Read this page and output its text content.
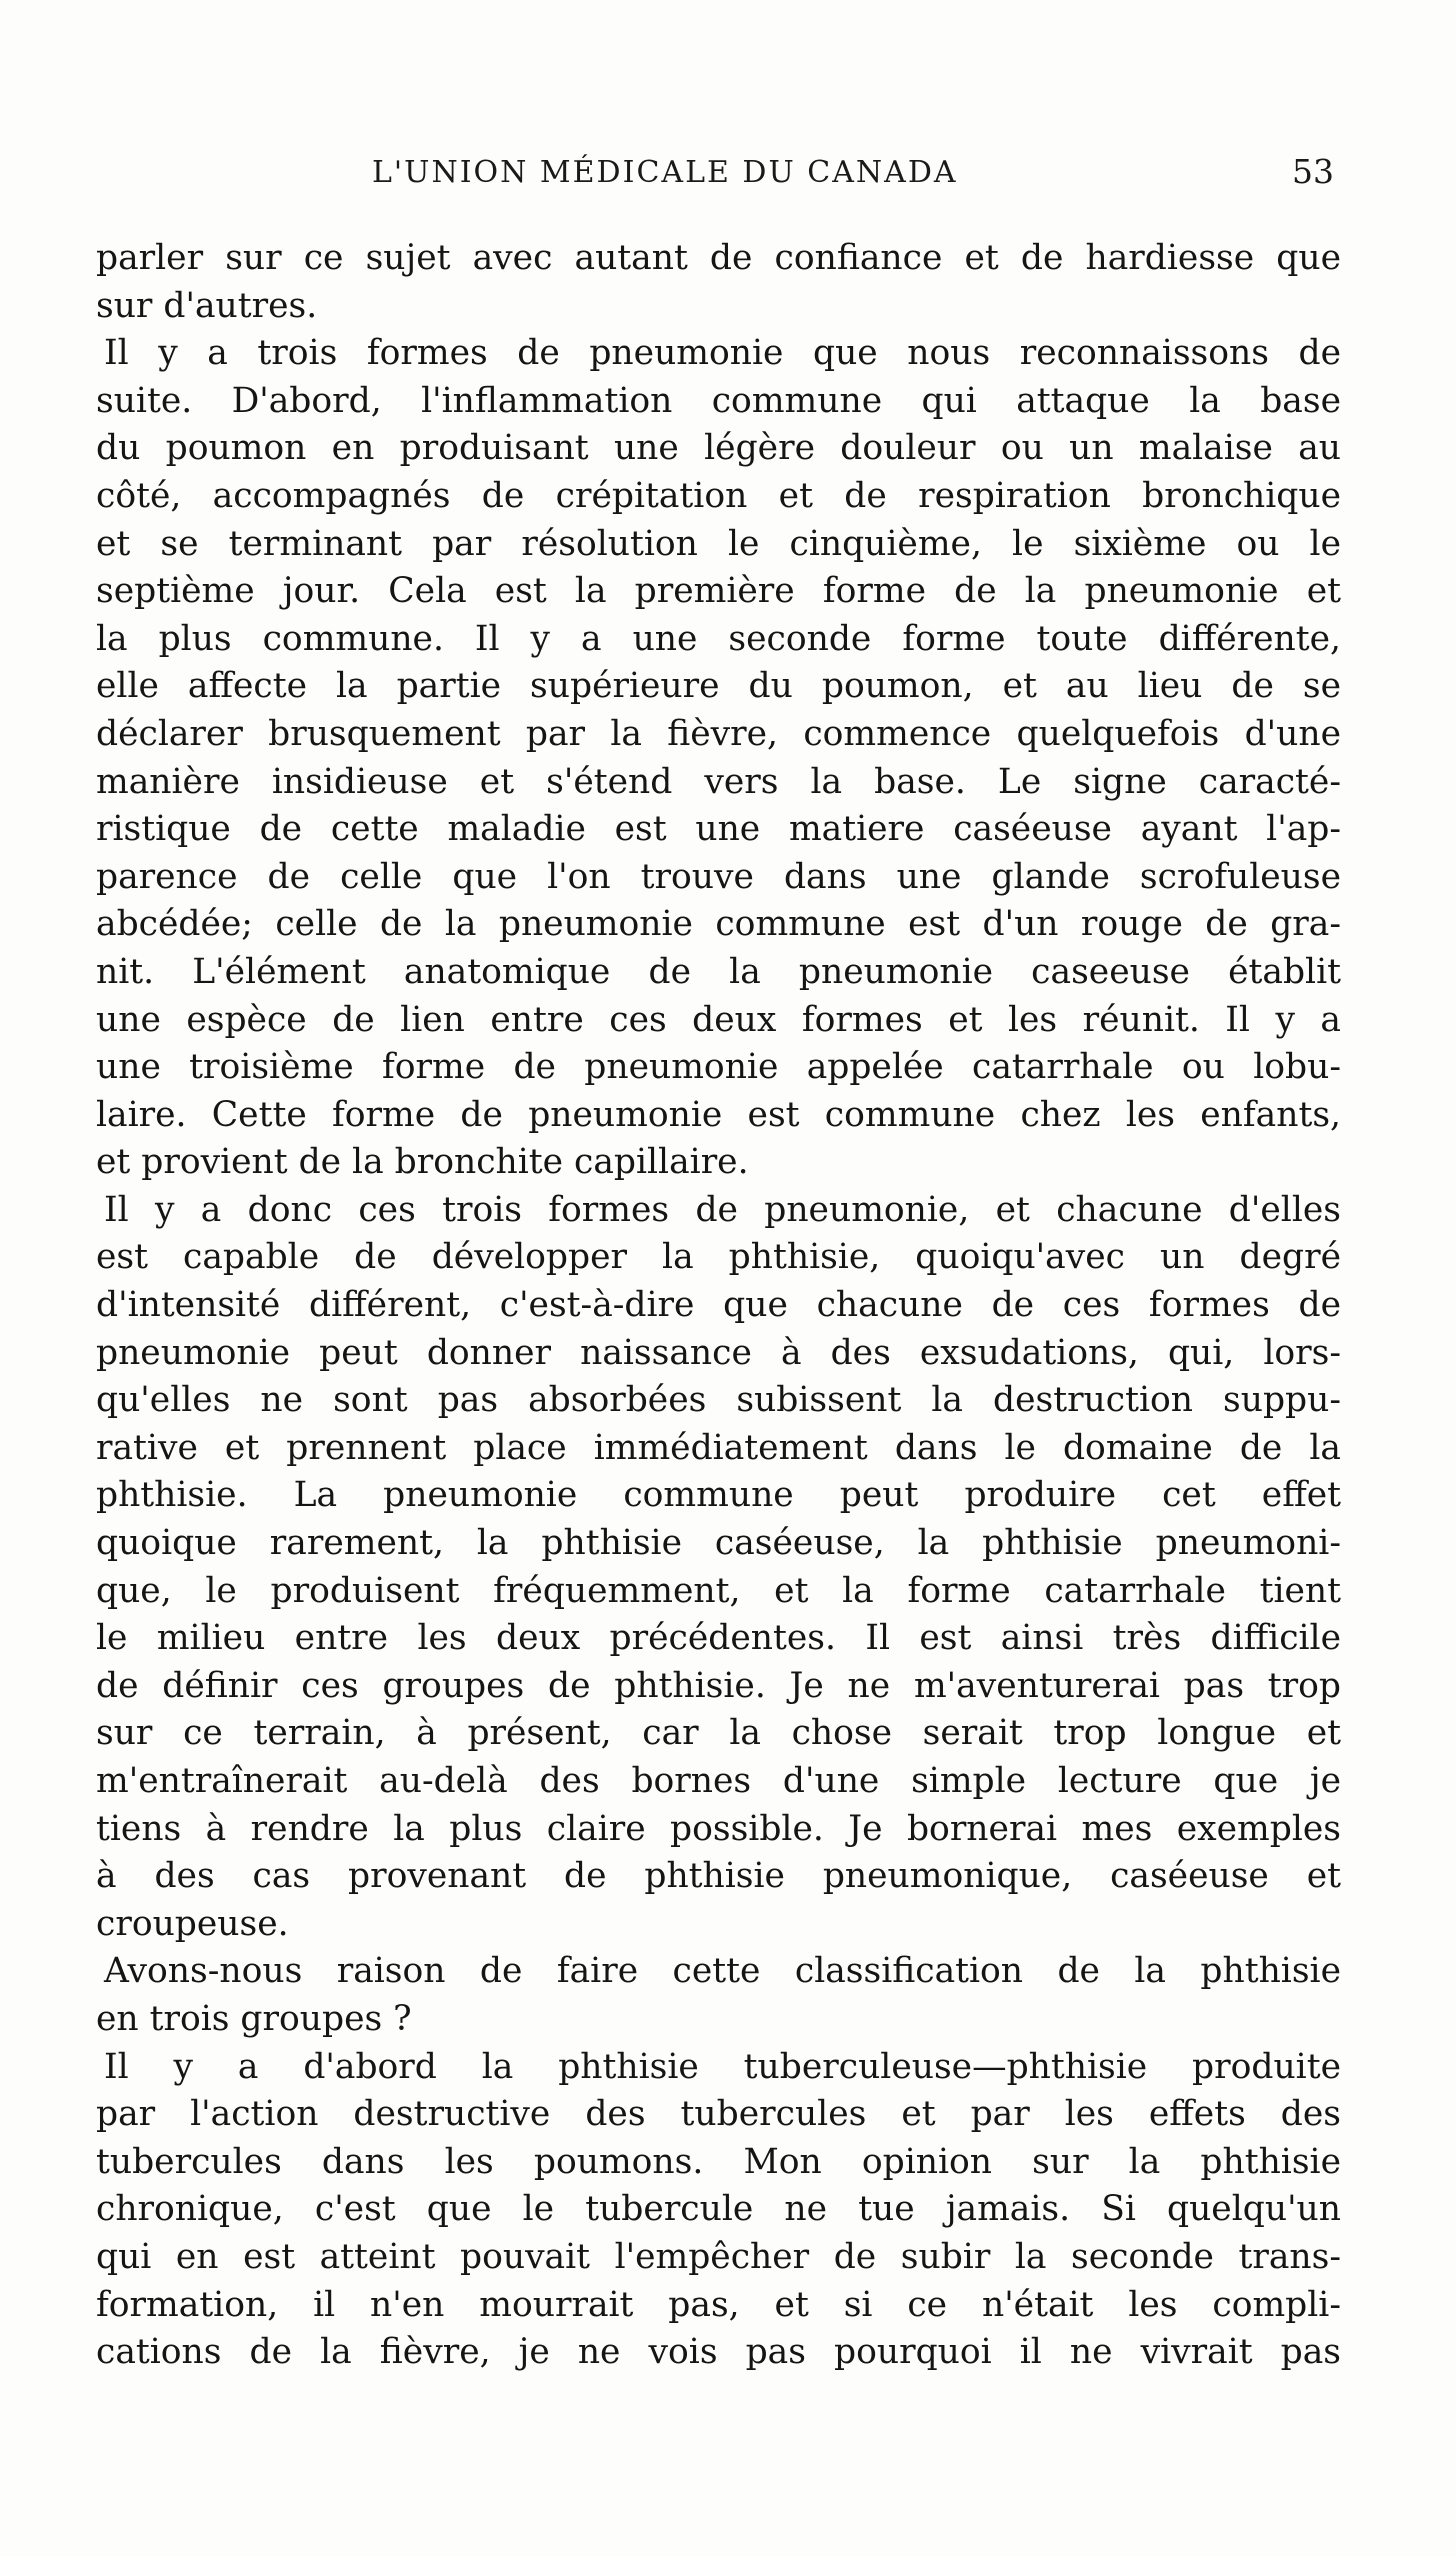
L'UNION MÉDICALE DU CANADA	53
parler sur ce sujet avec autant de confiance et de hardiesse que
sur d'autres.
Il y a trois formes de pneumonie que nous reconnaissons de
suite. D'abord, l'inflammation commune qui attaque la base
du poumon en produisant une légère douleur ou un malaise au
côté, accompagnés de crépitation et de respiration bronchique
et se terminant par résolution le cinquième, le sixième ou le
septième jour. Cela est la première forme de la pneumonie et
la plus commune. Il y a une seconde forme toute différente,
elle affecte la partie supérieure du poumon, et au lieu de se
déclarer brusquement par la fièvre, commence quelquefois d'une
manière insidieuse et s'étend vers la base. Le signe caracté-
ristique de cette maladie est une matiere caséeuse ayant l'ap-
parence de celle que l'on trouve dans une glande scrofuleuse
abcédée; celle de la pneumonie commune est d'un rouge de gra-
nit. L'élément anatomique de la pneumonie caseeuse établit
une espèce de lien entre ces deux formes et les réunit. Il y a
une troisième forme de pneumonie appelée catarrhale ou lobu-
laire. Cette forme de pneumonie est commune chez les enfants,
et provient de la bronchite capillaire.
Il y a donc ces trois formes de pneumonie, et chacune d'elles
est capable de développer la phthisie, quoiqu'avec un degré
d'intensité différent, c'est-à-dire que chacune de ces formes de
pneumonie peut donner naissance à des exsudations, qui, lors-
qu'elles ne sont pas absorbées subissent la destruction suppu-
rative et prennent place immédiatement dans le domaine de la
phthisie. La pneumonie commune peut produire cet effet
quoique rarement, la phthisie caséeuse, la phthisie pneumoni-
que, le produisent fréquemment, et la forme catarrhale tient
le milieu entre les deux précédentes. Il est ainsi très difficile
de définir ces groupes de phthisie. Je ne m'aventurerai pas trop
sur ce terrain, à présent, car la chose serait trop longue et
m'entraînerait au-delà des bornes d'une simple lecture que je
tiens à rendre la plus claire possible. Je bornerai mes exemples
à des cas provenant de phthisie pneumonique, caséeuse et
croupeuse.
Avons-nous raison de faire cette classification de la phthisie
en trois groupes ?
Il y a d'abord la phthisie tuberculeuse—phthisie produite
par l'action destructive des tubercules et par les effets des
tubercules dans les poumons. Mon opinion sur la phthisie
chronique, c'est que le tubercule ne tue jamais. Si quelqu'un
qui en est atteint pouvait l'empêcher de subir la seconde trans-
formation, il n'en mourrait pas, et si ce n'était les compli-
cations de la fièvre, je ne vois pas pourquoi il ne vivrait pas
